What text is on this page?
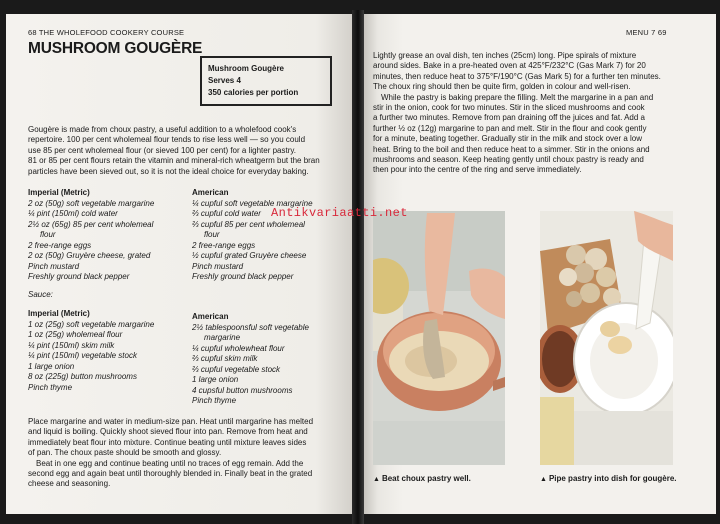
68 THE WHOLEFOOD COOKERY COURSE
MUSHROOM GOUGÈRE
Mushroom Gougère
Serves 4
350 calories per portion
Gougère is made from choux pastry, a useful addition to a wholefood cook's
repertoire. 100 per cent wholemeal flour tends to rise less well — so you could
use 85 per cent wholemeal flour (or sieved 100 per cent) for a lighter pastry.
81 or 85 per cent flours retain the vitamin and mineral-rich wheatgerm but the bran
particles have been sieved out, so it is not the ideal choice for everyday baking.
Imperial (Metric)
2 oz (50g) soft vegetable margarine
¼ pint (150ml) cold water
2½ oz (65g) 85 per cent wholemeal
flour
2 free-range eggs
2 oz (50g) Gruyère cheese, grated
Pinch mustard
Freshly ground black pepper
American
¼ cupful soft vegetable margarine
⅔ cupful cold water
⅔ cupful 85 per cent wholemeal
flour
2 free-range eggs
½ cupful grated Gruyère cheese
Pinch mustard
Freshly ground black pepper
Sauce:
Imperial (Metric)
1 oz (25g) soft vegetable margarine
1 oz (25g) wholemeal flour
¼ pint (150ml) skim milk
¼ pint (150ml) vegetable stock
1 large onion
8 oz (225g) button mushrooms
Pinch thyme
American
2½ tablespoonsful soft vegetable
margarine
¼ cupful wholewheat flour
⅔ cupful skim milk
⅔ cupful vegetable stock
1 large onion
4 cupsful button mushrooms
Pinch thyme
Place margarine and water in medium-size pan. Heat until margarine has melted
and liquid is boiling. Quickly shoot sieved flour into pan. Remove from heat and
immediately beat flour into mixture. Continue beating until mixture leaves sides
of pan. The choux paste should be smooth and glossy.
Beat in one egg and continue beating until no traces of egg remain. Add the
second egg and again beat until thoroughly blended in. Finally beat in the grated
cheese and seasoning.
MENU 7 69
Lightly grease an oval dish, ten inches (25cm) long. Pipe spirals of mixture
around sides. Bake in a pre-heated oven at 425°F/232°C (Gas Mark 7) for 20
minutes, then reduce heat to 375°F/190°C (Gas Mark 5) for a further ten minutes.
The choux ring should then be quite firm, golden in colour and well-risen.
While the pastry is baking prepare the filling. Melt the margarine in a pan and
stir in the onion, cook for two minutes. Stir in the sliced mushrooms and cook
a further two minutes. Remove from pan draining off the juices and fat. Add a
further ½ oz (12g) margarine to pan and melt. Stir in the flour and cook gently
for a minute, beating together. Gradually stir in the milk and stock over a low
heat. Bring to the boil and then reduce heat to a simmer. Stir in the onions and
mushrooms and season. Keep heating gently until choux pastry is ready and
then pour into the centre of the ring and serve immediately.
▲ Beat choux pastry well.	▲ Pipe pastry into dish for gougère.
Antikvariaatti.net
